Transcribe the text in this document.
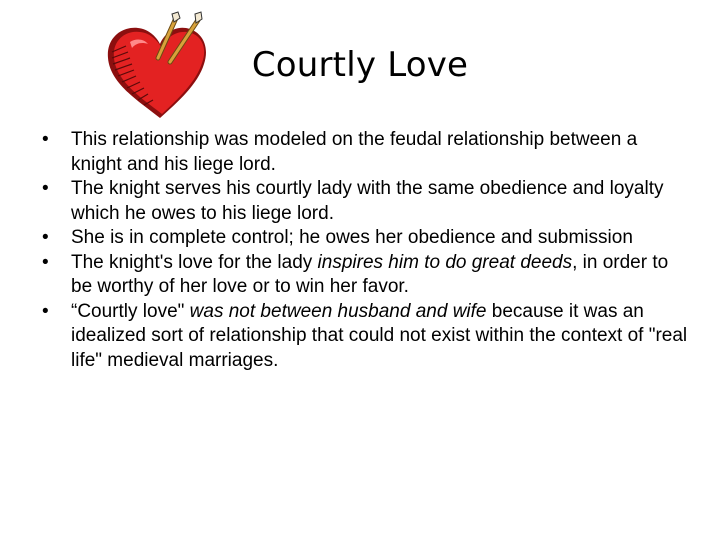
Courtly Love
•	This relationship was modeled on the feudal relationship between a knight and his liege lord.
•	The knight serves his courtly lady with the same obedience and loyalty which he owes to his liege lord.
•	She is in complete control; he owes her obedience and submission
•	The knight's love for the lady inspires him to do great deeds, in order to be worthy of her love or to win her favor.
•	“Courtly love" was not between husband and wife because it was an idealized sort of relationship that could not exist within the context of "real life" medieval marriages.
